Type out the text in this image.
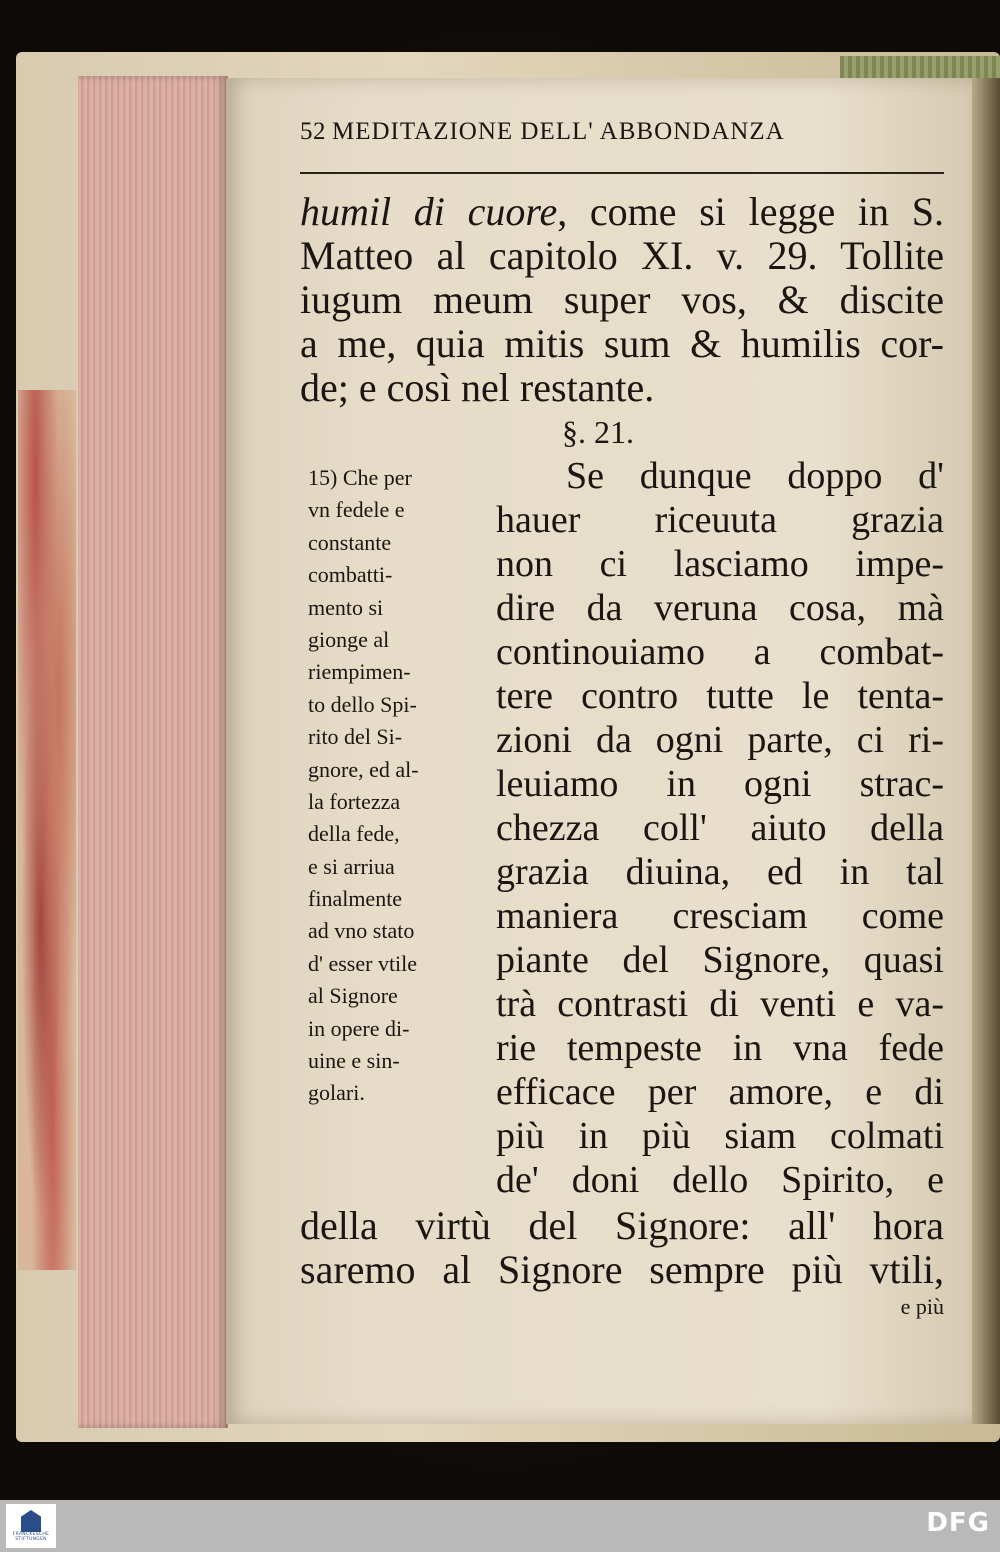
52 MEDITAZIONE DELL' ABBONDANZA
humil di cuore, come si legge in S.
Matteo al capitolo XI. v. 29. Tollite
iugum meum super vos, & discite
a me, quia mitis sum & humilis cor-
de; e così nel restante.
§. 21.
15) Che per
vn fedele e
constante
combatti-
mento si
gionge al
riempimen-
to dello Spi-
rito del Si-
gnore, ed al-
la fortezza
della fede,
e si arriua
finalmente
ad vno stato
d' esser vtile
al Signore
in opere di-
uine e sin-
golari.
Se dunque doppo d'
hauer riceuuta grazia
non ci lasciamo impe-
dire da veruna cosa, mà
continouiamo a combat-
tere contro tutte le tenta-
zioni da ogni parte, ci ri-
leuiamo in ogni strac-
chezza coll' aiuto della
grazia diuina, ed in tal
maniera cresciam come
piante del Signore, quasi
trà contrasti di venti e va-
rie tempeste in vna fede
efficace per amore, e di
più in più siam colmati
de' doni dello Spirito, e
della virtù del Signore: all' hora
saremo al Signore sempre più vtili,
e più
FRANCKESCHE
STIFTUNGEN
DFG
